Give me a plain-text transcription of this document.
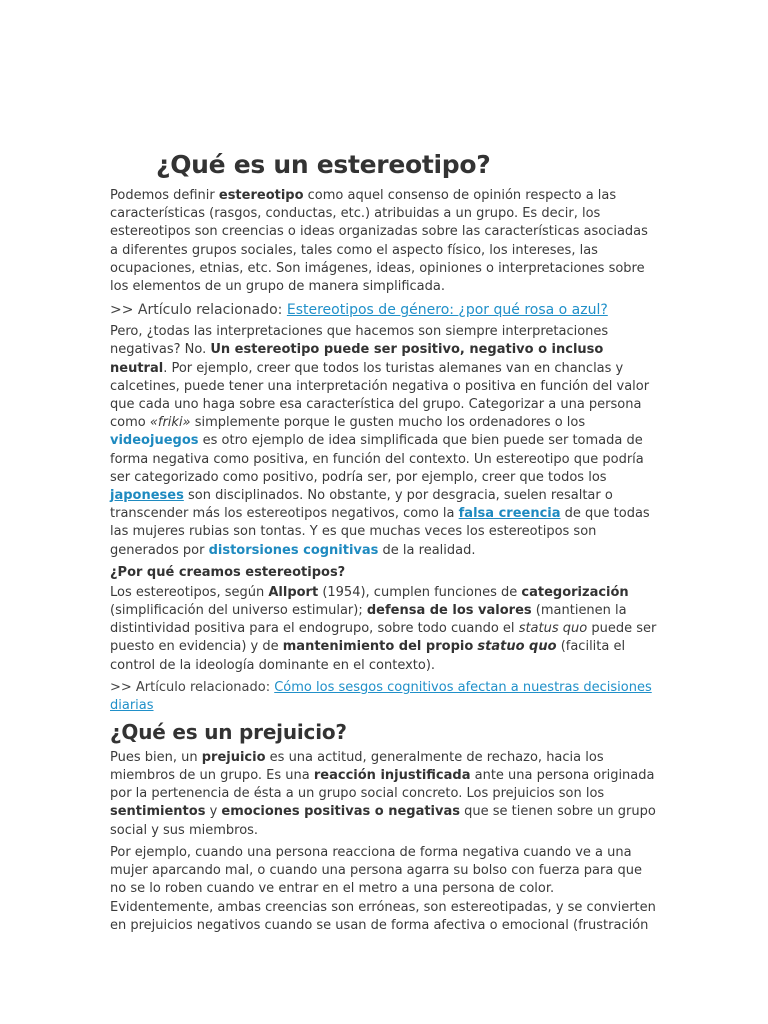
¿Qué es un estereotipo?

Podemos definir estereotipo como aquel consenso de opinión respecto a las características (rasgos, conductas, etc.) atribuidas a un grupo. Es decir, los estereotipos son creencias o ideas organizadas sobre las características asociadas a diferentes grupos sociales, tales como el aspecto físico, los intereses, las ocupaciones, etnias, etc. Son imágenes, ideas, opiniones o interpretaciones sobre los elementos de un grupo de manera simplificada.

>> Artículo relacionado: Estereotipos de género: ¿por qué rosa o azul?

Pero, ¿todas las interpretaciones que hacemos son siempre interpretaciones negativas? No. Un estereotipo puede ser positivo, negativo o incluso neutral. Por ejemplo, creer que todos los turistas alemanes van en chanclas y calcetines, puede tener una interpretación negativa o positiva en función del valor que cada uno haga sobre esa característica del grupo. Categorizar a una persona como «friki» simplemente porque le gusten mucho los ordenadores o los videojuegos es otro ejemplo de idea simplificada que bien puede ser tomada de forma negativa como positiva, en función del contexto. Un estereotipo que podría ser categorizado como positivo, podría ser, por ejemplo, creer que todos los japoneses son disciplinados. No obstante, y por desgracia, suelen resaltar o transcender más los estereotipos negativos, como la falsa creencia de que todas las mujeres rubias son tontas. Y es que muchas veces los estereotipos son generados por distorsiones cognitivas de la realidad.

¿Por qué creamos estereotipos?

Los estereotipos, según Allport (1954), cumplen funciones de categorización (simplificación del universo estimular); defensa de los valores (mantienen la distintividad positiva para el endogrupo, sobre todo cuando el status quo puede ser puesto en evidencia) y de mantenimiento del propio statuo quo (facilita el control de la ideología dominante en el contexto).

>> Artículo relacionado: Cómo los sesgos cognitivos afectan a nuestras decisiones diarias

¿Qué es un prejuicio?

Pues bien, un prejuicio es una actitud, generalmente de rechazo, hacia los miembros de un grupo. Es una reacción injustificada ante una persona originada por la pertenencia de ésta a un grupo social concreto. Los prejuicios son los sentimientos y emociones positivas o negativas que se tienen sobre un grupo social y sus miembros.

Por ejemplo, cuando una persona reacciona de forma negativa cuando ve a una mujer aparcando mal, o cuando una persona agarra su bolso con fuerza para que no se lo roben cuando ve entrar en el metro a una persona de color. Evidentemente, ambas creencias son erróneas, son estereotipadas, y se convierten en prejuicios negativos cuando se usan de forma afectiva o emocional (frustración
